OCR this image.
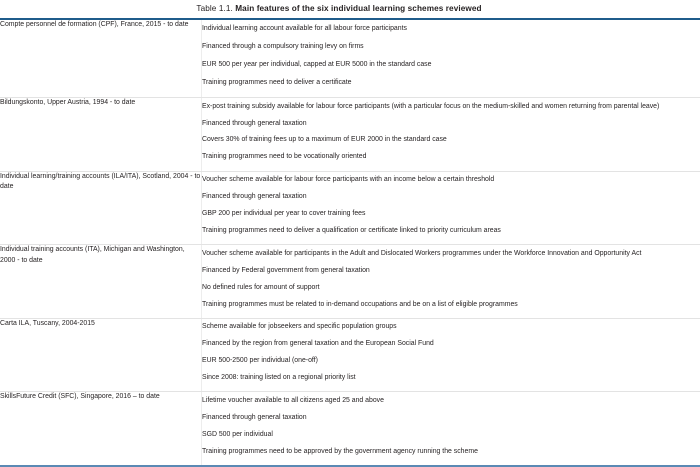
Table 1.1. Main features of the six individual learning schemes reviewed
Compte personnel de formation (CPF), France, 2015 - to date	
Individual learning account available for all labour force participants
Financed through a compulsory training levy on firms
EUR 500 per year per individual, capped at EUR 5000 in the standard case
Training programmes need to deliver a certificate

Bildungskonto, Upper Austria, 1994 - to date	
Ex-post training subsidy available for labour force participants (with a particular focus on the medium-skilled and women returning from parental leave)
Financed through general taxation
Covers 30% of training fees up to a maximum of EUR 2000 in the standard case
Training programmes need to be vocationally oriented

Individual learning/training accounts (ILA/ITA), Scotland, 2004 - to date	
Voucher scheme available for labour force participants with an income below a certain threshold
Financed through general taxation
GBP 200 per individual per year to cover training fees
Training programmes need to deliver a qualification or certificate linked to priority curriculum areas

Individual training accounts (ITA), Michigan and Washington, 2000 - to date	
Voucher scheme available for participants in the Adult and Dislocated Workers programmes under the Workforce Innovation and Opportunity Act
Financed by Federal government from general taxation
No defined rules for amount of support
Training programmes must be related to in-demand occupations and be on a list of eligible programmes

Carta ILA, Tuscany, 2004-2015	
Scheme available for jobseekers and specific population groups
Financed by the region from general taxation and the European Social Fund
EUR 500-2500 per individual (one-off)
Since 2008: training listed on a regional priority list

SkillsFuture Credit (SFC), Singapore, 2016 – to date	
Lifetime voucher available to all citizens aged 25 and above
Financed through general taxation
SGD 500 per individual
Training programmes need to be approved by the government agency running the scheme
